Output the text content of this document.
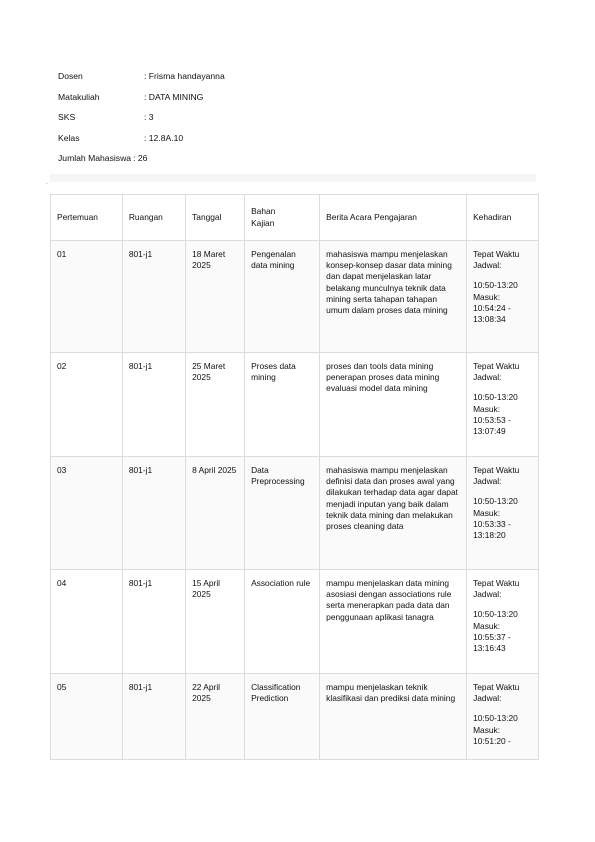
Dosen	: Frisma handayanna
Matakuliah	: DATA MINING
SKS	: 3
Kelas	: 12.8A.10
Jumlah Mahasiswa : 26
.
Pertemuan	Ruangan	Tanggal	Bahan Kajian	Berita Acara Pengajaran	Kehadiran
01	801-j1	18 Maret 2025	Pengenalan data mining	mahasiswa mampu menjelaskan konsep-konsep dasar data mining dan dapat menjelaskan latar belakang munculnya teknik data mining serta tahapan tahapan umum dalam proses data mining	Tepat Waktu Jadwal:
10:50-13:20
Masuk:
10:54:24 - 13:08:34

02	801-j1	25 Maret 2025	Proses data mining	proses dan tools data mining penerapan proses data mining evaluasi model data mining	Tepat Waktu Jadwal:
10:50-13:20
Masuk:
10:53:53 - 13:07:49

03	801-j1	8 April 2025	Data Preprocessing	mahasiswa mampu menjelaskan definisi data dan proses awal yang dilakukan terhadap data agar dapat menjadi inputan yang baik dalam teknik data mining dan melakukan proses cleaning data	Tepat Waktu Jadwal:
10:50-13:20
Masuk:
10:53:33 - 13:18:20

04	801-j1	15 April 2025	Association rule	mampu menjelaskan data mining asosiasi dengan associations rule serta menerapkan pada data dan penggunaan aplikasi tanagra	Tepat Waktu Jadwal:
10:50-13:20
Masuk:
10:55:37 - 13:16:43

05	801-j1	22 April 2025	Classification Prediction	mampu menjelaskan teknik klasifikasi dan prediksi data mining	Tepat Waktu Jadwal:
10:50-13:20
Masuk:
10:51:20 -
